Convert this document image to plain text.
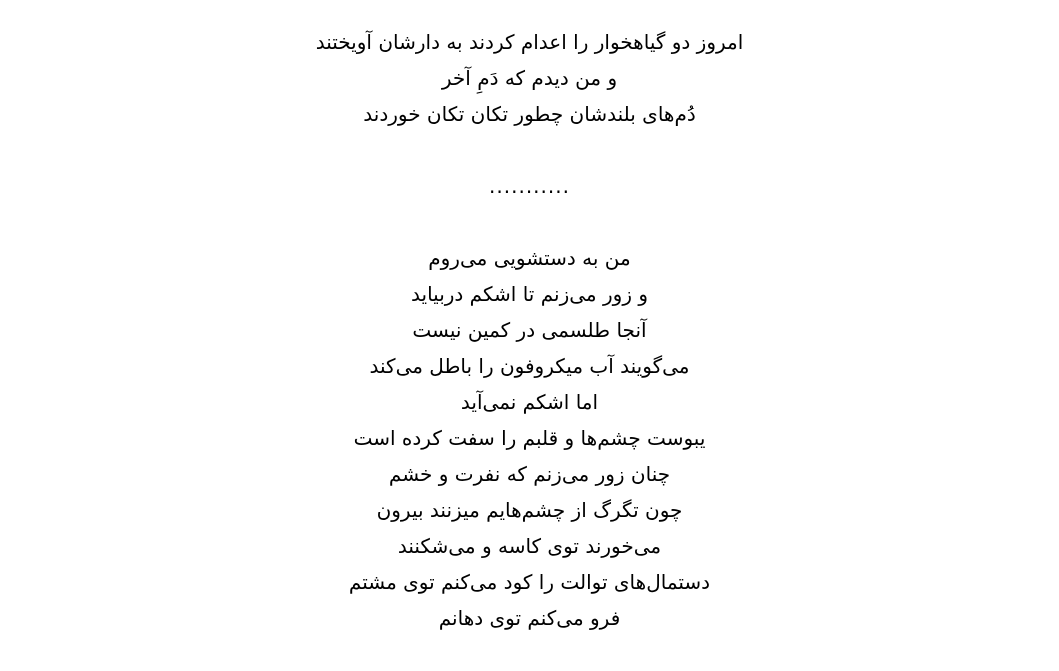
امروز دو گیاهخوار را اعدام کردند به دارشان آویختند
و من دیدم که دَمِ آخر
دُم‌های بلندشان چطور تکان تکان خوردند
...........
من به دستشویی می‌روم
و زور می‌زنم تا اشکم دربیاید
آنجا طلسمی در کمین نیست
می‌گویند آب میکروفون را باطل می‌کند
اما اشکم نمی‌آید
یبوست چشم‌ها و قلبم را سفت کرده است
چنان زور می‌زنم که نفرت و خشم
چون تگرگ از چشم‌هایم میزنند بیرون
می‌خورند توی کاسه و می‌شکنند
دستمال‌های توالت را کود می‌کنم توی مشتم
فرو می‌کنم توی دهانم
